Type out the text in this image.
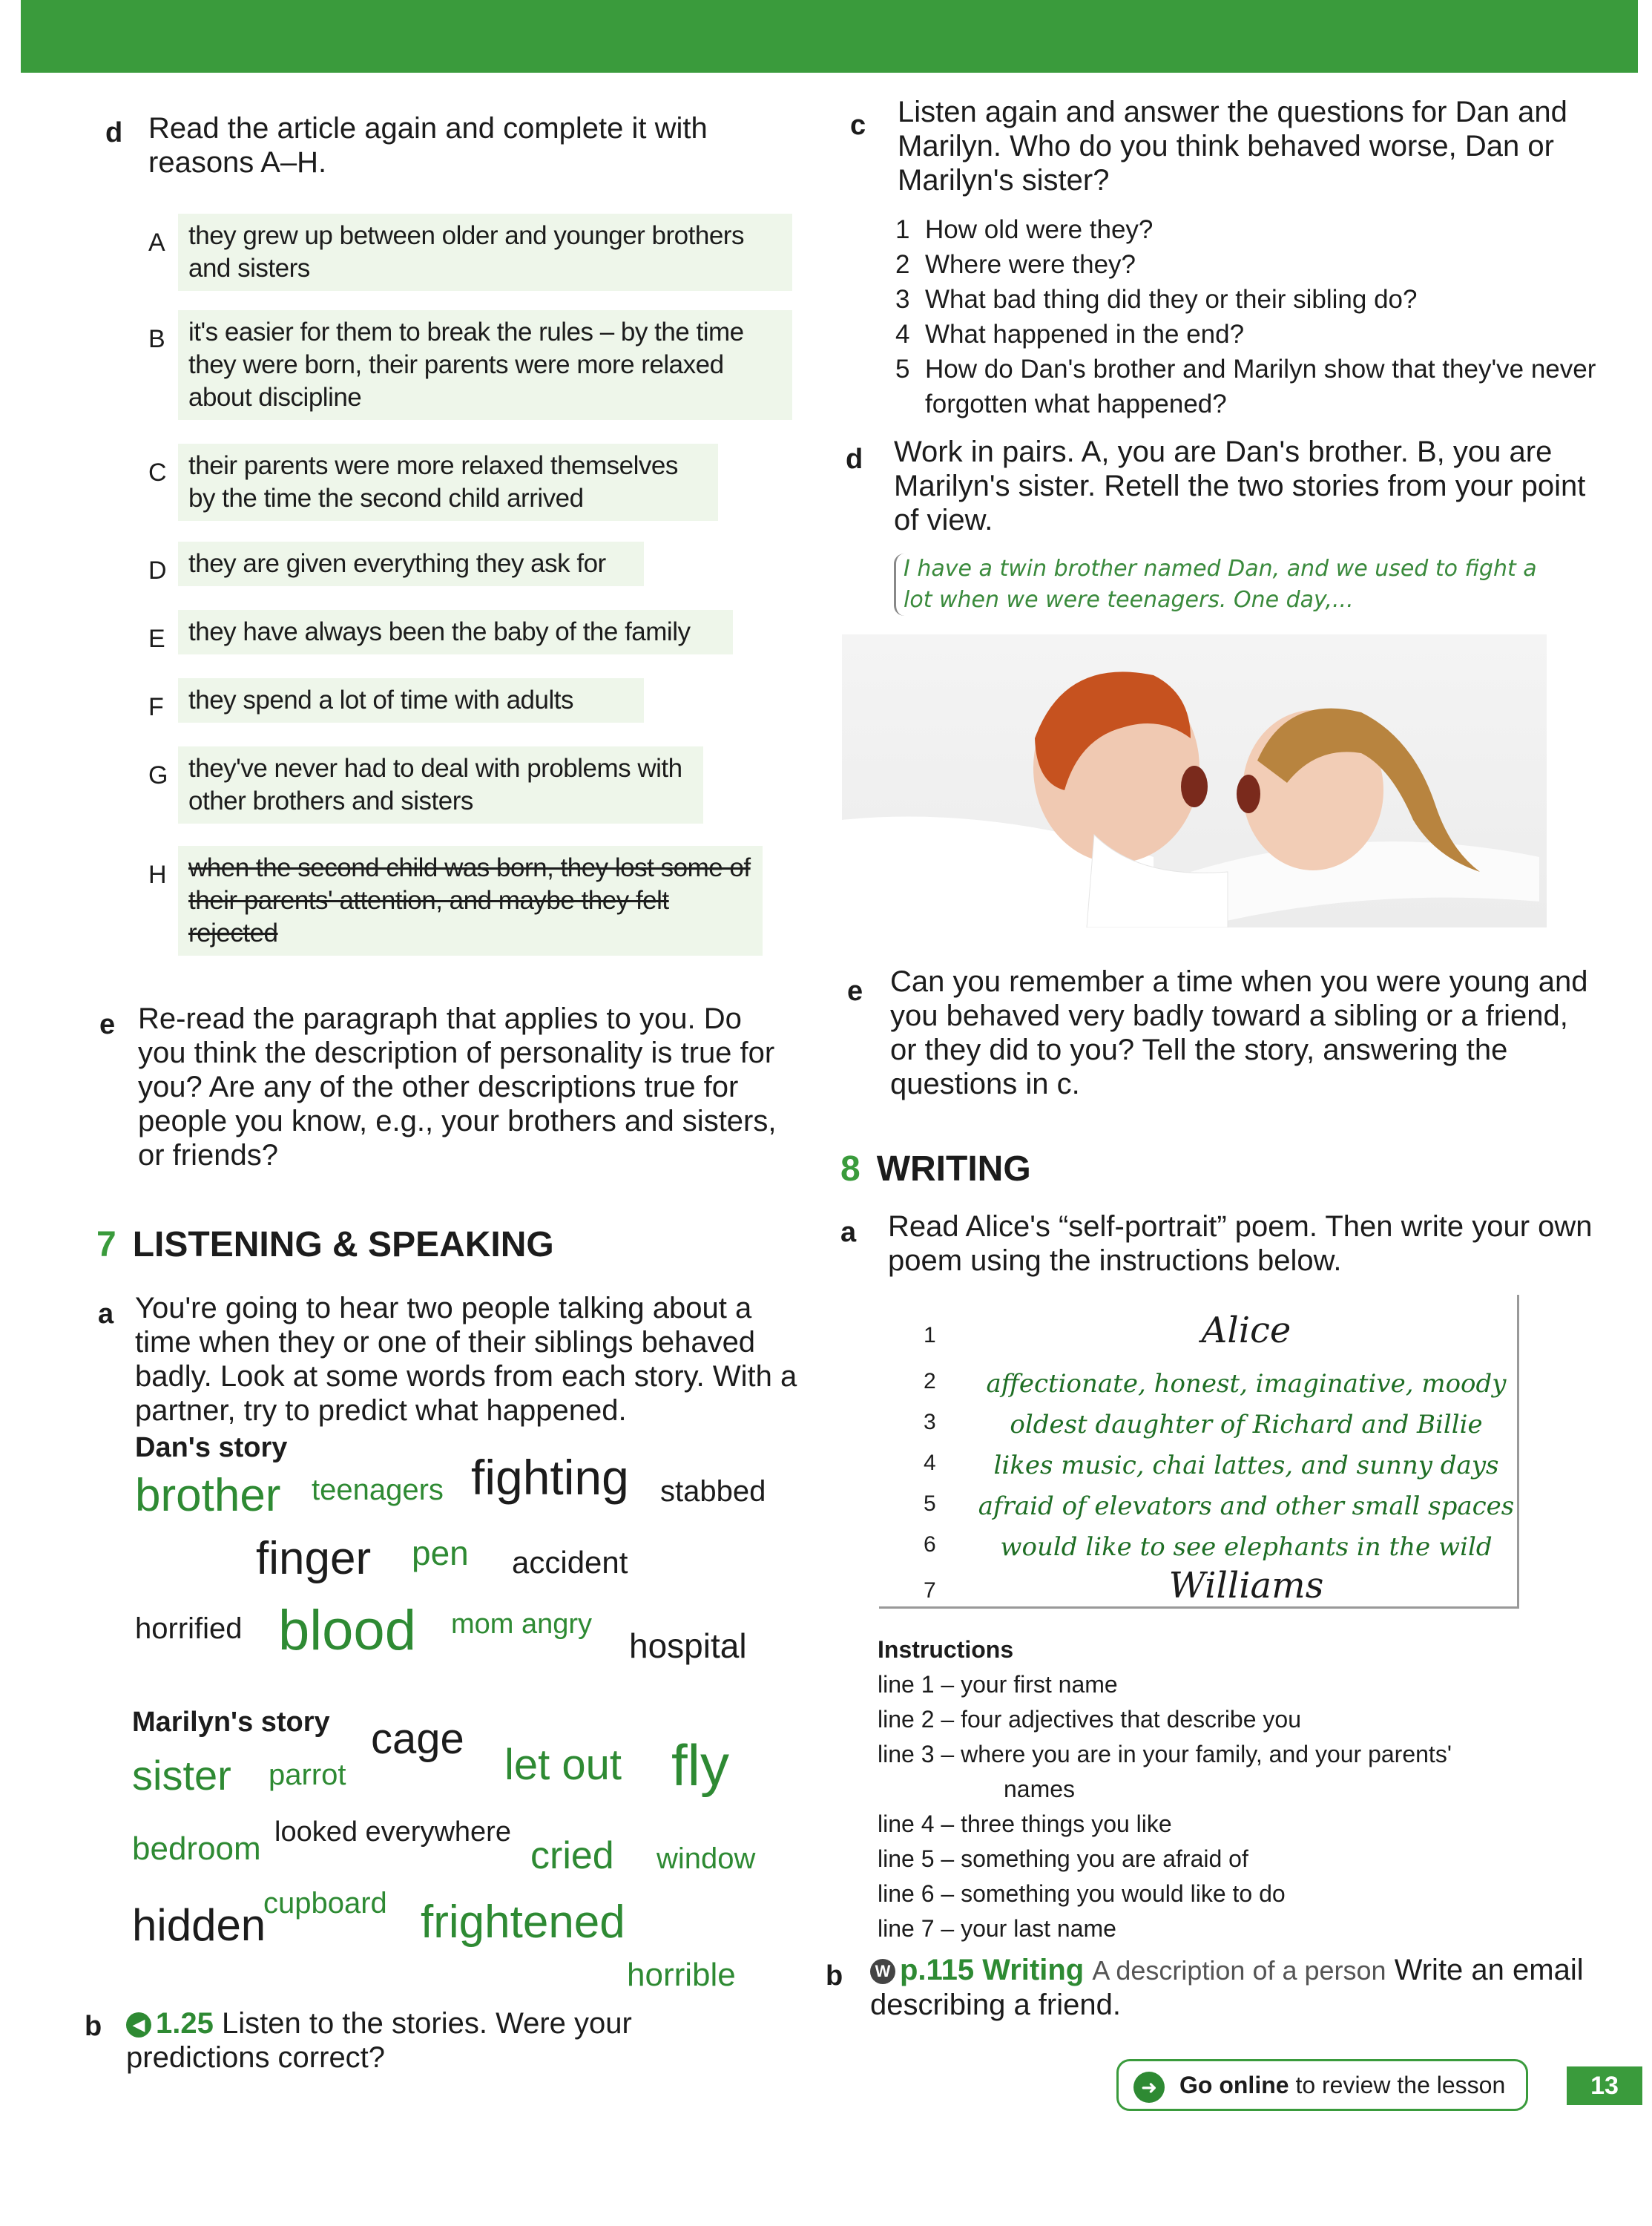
d Read the article again and complete it with reasons A–H.
A they grew up between older and younger brothers and sisters
B it's easier for them to break the rules – by the time they were born, their parents were more relaxed about discipline
C their parents were more relaxed themselves by the time the second child arrived
D they are given everything they ask for
E they have always been the baby of the family
F they spend a lot of time with adults
G they've never had to deal with problems with other brothers and sisters
H when the second child was born, they lost some of their parents' attention, and maybe they felt rejected
e Re-read the paragraph that applies to you. Do you think the description of personality is true for you? Are any of the other descriptions true for people you know, e.g., your brothers and sisters, or friends?
7 LISTENING & SPEAKING
a You're going to hear two people talking about a time when they or one of their siblings behaved badly. Look at some words from each story. With a partner, try to predict what happened.
Dan's story
brother teenagers fighting stabbed
finger pen accident
horrified blood mom angry
hospital
Marilyn's story
sister parrot
cage
let out fly
bedroom looked everywhere
cried window
hidden
cupboard frightened
horrible
b	◀ 1.25 Listen to the stories. Were your predictions correct?
c Listen again and answer the questions for Dan and Marilyn. Who do you think behaved worse, Dan or Marilyn's sister?
1 How old were they?
2 Where were they?
3 What bad thing did they or their sibling do?
4 What happened in the end?
5 How do Dan's brother and Marilyn show that they've never forgotten what happened?
d Work in pairs. A, you are Dan's brother. B, you are Marilyn's sister. Retell the two stories from your point of view.
I have a twin brother named Dan, and we used to fight a lot when we were teenagers. One day,...
e Can you remember a time when you were young and you behaved very badly toward a sibling or a friend, or they did to you? Tell the story, answering the questions in c.
8 WRITING
a Read Alice's “self-portrait” poem. Then write your own poem using the instructions below.
1	Alice
2	affectionate, honest, imaginative, moody
3	oldest daughter of Richard and Billie
4	likes music, chai lattes, and sunny days
5 afraid of elevators and other small spaces
6	would like to see elephants in the wild
7	Williams
Instructions
line 1 – your first name
line 2 – four adjectives that describe you
line 3 – where you are in your family, and your parents'
names
line 4 – three things you like
line 5 – something you are afraid of
line 6 – something you would like to do
line 7 – your last name
b	W p.115 Writing A description of a person Write an email describing a friend.
➜ Go online to review the lesson	13
